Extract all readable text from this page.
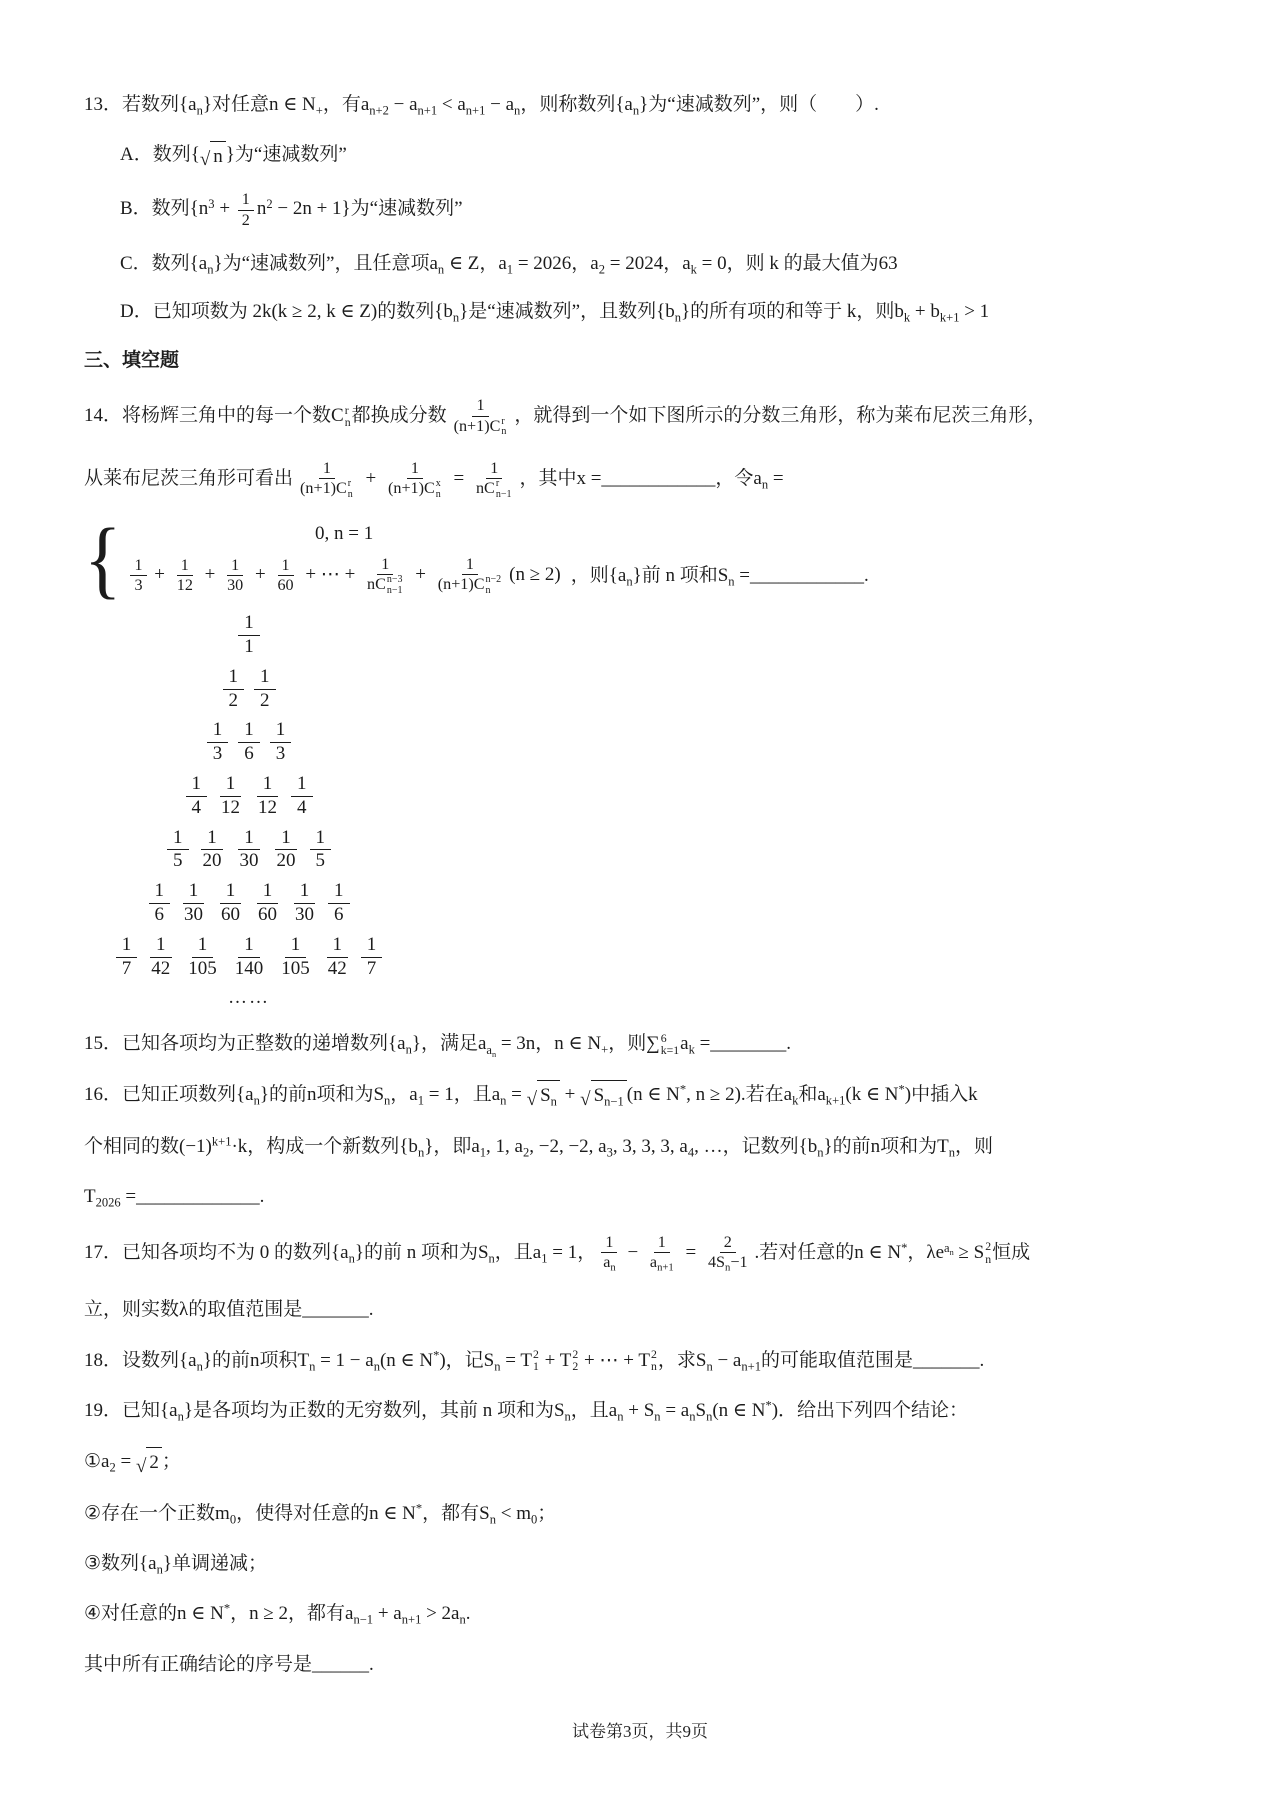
13．若数列$\{a_n\}$对任意n ∈ $N_+$，有$a_{n+2} - a_{n+1} < a_{n+1} - a_n$，则称数列$\{a_n\}$为“速减数列”，则（　　）.

A．数列{ √ n }为“速减数列”

B．数列$\{n^3 + \frac{1}{2} n^2 - 2n + 1\}$为“速减数列”

C．数列$\{a_n\}$为“速减数列”，且任意项$a_n$ ∈ Z，$a_1 = 2026$，$a_2 = 2024$，$a_k = 0$，则 k 的最大值为63

D．已知项数为 2k(k ≥ 2, k ∈ Z)的数列$\{b_n\}$是“速减数列”，且数列$\{b_n\}$的所有项的和等于 k，则$b_k + b_{k+1} > 1$

三、填空题

14．将杨辉三角中的每一个数C r
n 都换成分数 1
(n+1)C r
n ，就得到一个如下图所示的分数三角形，称为莱布尼茨三角形，

从莱布尼茨三角形可看出 1
(n+1)C r
n + 1
(n+1)C x
n = 1
nC r
n−1 ，其中x =____________，令$a_n$ =

{	0, n = 1
$\frac{1}{3} + \frac{1}{12} + \frac{1}{30} + \frac{1}{60}$ + ⋯ + 1
nC n−3
n−1 + 1
(n+1)C n−2
n (n ≥ 2) ，则$\{a_n\}$前 n 项和$S_n$ =____________.
1
1
1
2
1
2
1
3
1
6
1
3
1
4
1
12
1
12
1
4
1
5
1
20
1
30
1
20
1
5
1
6
1
30
1
60
1
60
1
30
1
6
1
7
1
42
1
105
1
140
1
105
1
42
1
7

……

15．已知各项均为正整数的递增数列$\{a_n\}$，满足$a_{a_n} = 3n$，n ∈ $N_+$，则∑ 6
k=1 $a_k$ =________.

16．已知正项数列$\{a_n\}$的前n项和为$S_n$，$a_1 = 1$，且$a_n$ = √ $S_n$ + √ $S_{n-1}$ (n ∈ N*, n ≥ 2).若在$a_k$和$a_{k+1}(k$ ∈ N*)中插入k

个相同的数$(-1)^{k+1}\cdot k$，构成一个新数列$\{b_n\}$，即$a_1$, 1, $a_2$, −2, −2, $a_3$, 3, 3, 3, $a_4$, …，记数列$\{b_n\}$的前n项和为$T_n$，则

$T_{2026}$ =_____________.

17．已知各项均不为 0 的数列$\{a_n\}$的前 n 项和为$S_n$，且$a_1 = 1$， $\frac{1}{a_n} - \frac{1}{a_{n+1}} = \frac{2}{4S_n-1}$ .若对任意的n ∈ N*，$\lambda e^{a_n} \ge S$ 2
n 恒成

立，则实数λ的取值范围是_______.

18．设数列$\{a_n\}$的前n项积$T_n = 1 - a_n(n$ ∈ N*)，记$S_n = T$ 2
1 + T 2
2 + ⋯ + T 2
n ，求$S_n - a_{n+1}$的可能取值范围是_______.

19．已知$\{a_n\}$是各项均为正数的无穷数列，其前 n 项和为$S_n$，且$a_n + S_n = a_nS_n(n$ ∈ N*)．给出下列四个结论：

$①a_2$ = √ 2 ；

②存在一个正数$m_0$，使得对任意的n ∈ N*，都有$S_n < m_0$；

③数列$\{a_n\}$单调递减；

④对任意的n ∈ N*，n ≥ 2，都有$a_{n-1} + a_{n+1} > 2a_n$.

其中所有正确结论的序号是______.

试卷第3页，共9页
